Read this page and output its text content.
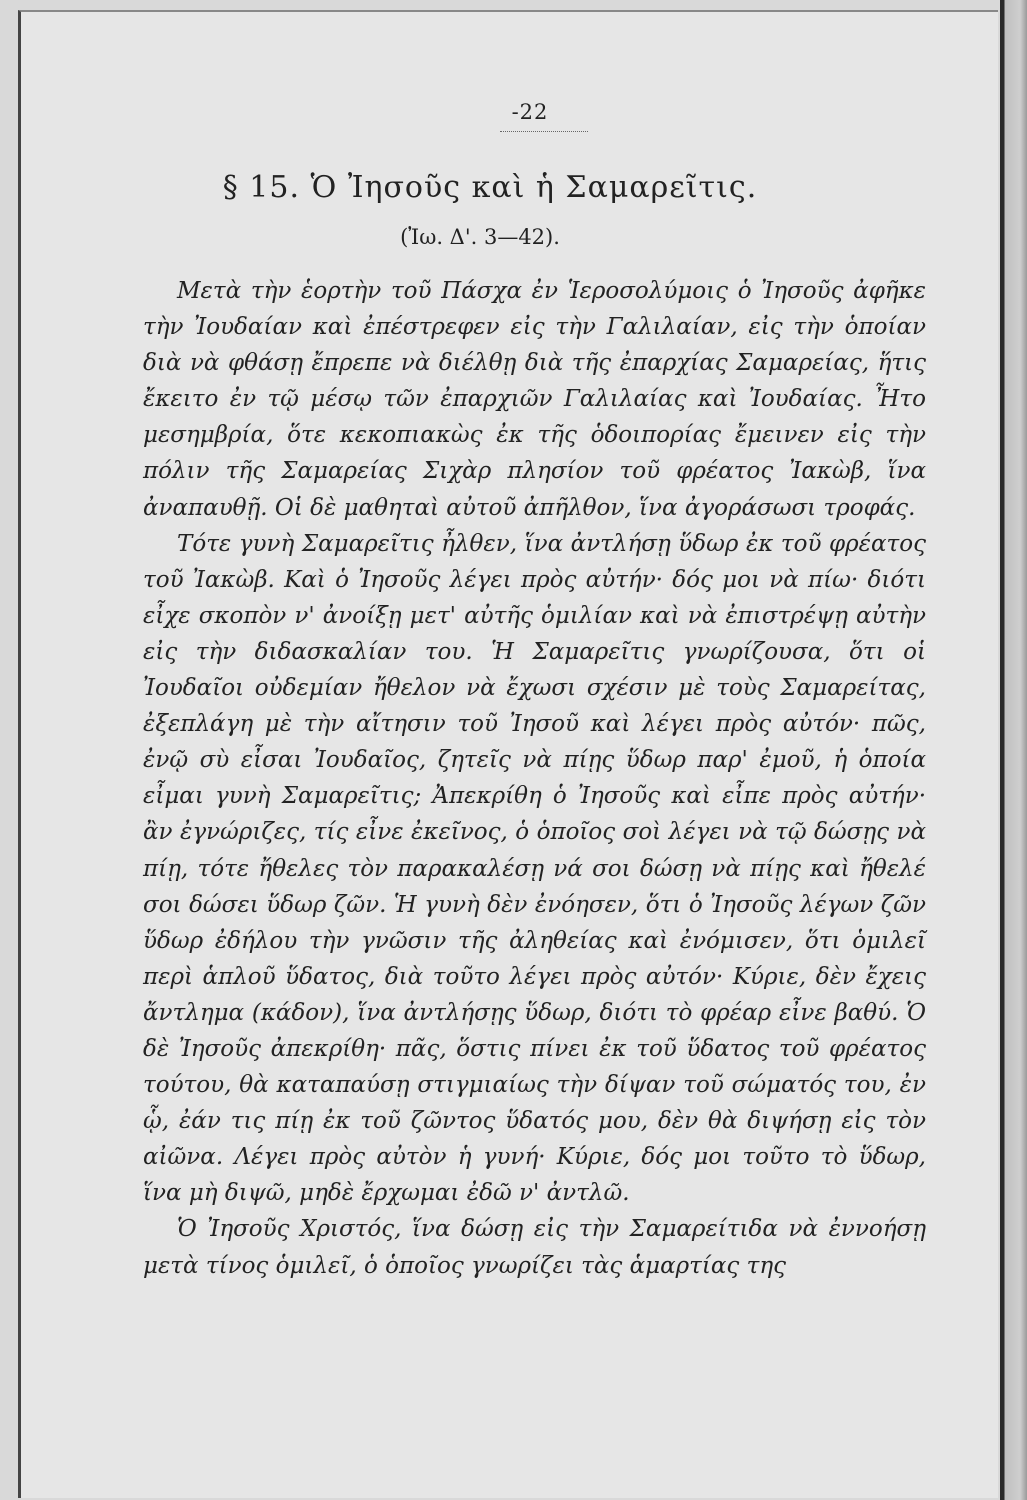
-22
§ 15. Ὁ Ἰησοῦς καὶ ἡ Σαμαρεῖτις.
(Ἰω. Δ'. 3—42).

Μετὰ τὴν ἑορτὴν τοῦ Πάσχα ἐν Ἱεροσολύμοις ὁ Ἰησοῦς ἀφῆκε τὴν Ἰουδαίαν καὶ ἐπέστρεφεν εἰς τὴν Γαλιλαίαν, εἰς τὴν ὁποίαν διὰ νὰ φθάσῃ ἔπρεπε νὰ διέλθῃ διὰ τῆς ἐπαρχίας Σαμαρείας, ἥτις ἔκειτο ἐν τῷ μέσῳ τῶν ἐπαρχιῶν Γαλιλαίας καὶ Ἰουδαίας. Ἦτο μεσημβρία, ὅτε κεκοπιακὼς ἐκ τῆς ὁδοιπορίας ἔμεινεν εἰς τὴν πόλιν τῆς Σαμαρείας Σιχὰρ πλησίον τοῦ φρέατος Ἰακὼβ, ἵνα ἀναπαυθῇ. Οἱ δὲ μαθηταὶ αὐτοῦ ἀπῆλθον, ἵνα ἀγοράσωσι τροφάς.

Τότε γυνὴ Σαμαρεῖτις ἦλθεν, ἵνα ἀντλήσῃ ὕδωρ ἐκ τοῦ φρέατος τοῦ Ἰακὼβ. Καὶ ὁ Ἰησοῦς λέγει πρὸς αὐτήν· δός μοι νὰ πίω· διότι εἶχε σκοπὸν ν' ἀνοίξῃ μετ' αὐτῆς ὁμιλίαν καὶ νὰ ἐπιστρέψῃ αὐτὴν εἰς τὴν διδασκαλίαν του. Ἡ Σαμαρεῖτις γνωρίζουσα, ὅτι οἱ Ἰουδαῖοι οὐδεμίαν ἤθελον νὰ ἔχωσι σχέσιν μὲ τοὺς Σαμαρείτας, ἐξεπλάγη μὲ τὴν αἴτησιν τοῦ Ἰησοῦ καὶ λέγει πρὸς αὐτόν· πῶς, ἐνῷ σὺ εἶσαι Ἰουδαῖος, ζητεῖς νὰ πίῃς ὕδωρ παρ' ἐμοῦ, ἡ ὁποία εἶμαι γυνὴ Σαμαρεῖτις; Ἀπεκρίθη ὁ Ἰησοῦς καὶ εἶπε πρὸς αὐτήν· ἂν ἐγνώριζες, τίς εἶνε ἐκεῖνος, ὁ ὁποῖος σοὶ λέγει νὰ τῷ δώσῃς νὰ πίῃ, τότε ἤθελες τὸν παρακαλέσῃ νά σοι δώσῃ νὰ πίῃς καὶ ἤθελέ σοι δώσει ὕδωρ ζῶν. Ἡ γυνὴ δὲν ἐνόησεν, ὅτι ὁ Ἰησοῦς λέγων ζῶν ὕδωρ ἐδήλου τὴν γνῶσιν τῆς ἀληθείας καὶ ἐνόμισεν, ὅτι ὁμιλεῖ περὶ ἁπλοῦ ὕδατος, διὰ τοῦτο λέγει πρὸς αὐτόν· Κύριε, δὲν ἔχεις ἄντλημα (κάδον), ἵνα ἀντλήσῃς ὕδωρ, διότι τὸ φρέαρ εἶνε βαθύ. Ὁ δὲ Ἰησοῦς ἀπεκρίθη· πᾶς, ὅστις πίνει ἐκ τοῦ ὕδατος τοῦ φρέατος τούτου, θὰ καταπαύσῃ στιγμιαίως τὴν δίψαν τοῦ σώματός του, ἐν ᾧ, ἐάν τις πίῃ ἐκ τοῦ ζῶντος ὕδατός μου, δὲν θὰ διψήσῃ εἰς τὸν αἰῶνα. Λέγει πρὸς αὐτὸν ἡ γυνή· Κύριε, δός μοι τοῦτο τὸ ὕδωρ, ἵνα μὴ διψῶ, μηδὲ ἔρχωμαι ἐδῶ ν' ἀντλῶ.

Ὁ Ἰησοῦς Χριστός, ἵνα δώσῃ εἰς τὴν Σαμαρείτιδα νὰ ἐννοήσῃ μετὰ τίνος ὁμιλεῖ, ὁ ὁποῖος γνωρίζει τὰς ἁμαρτίας της
